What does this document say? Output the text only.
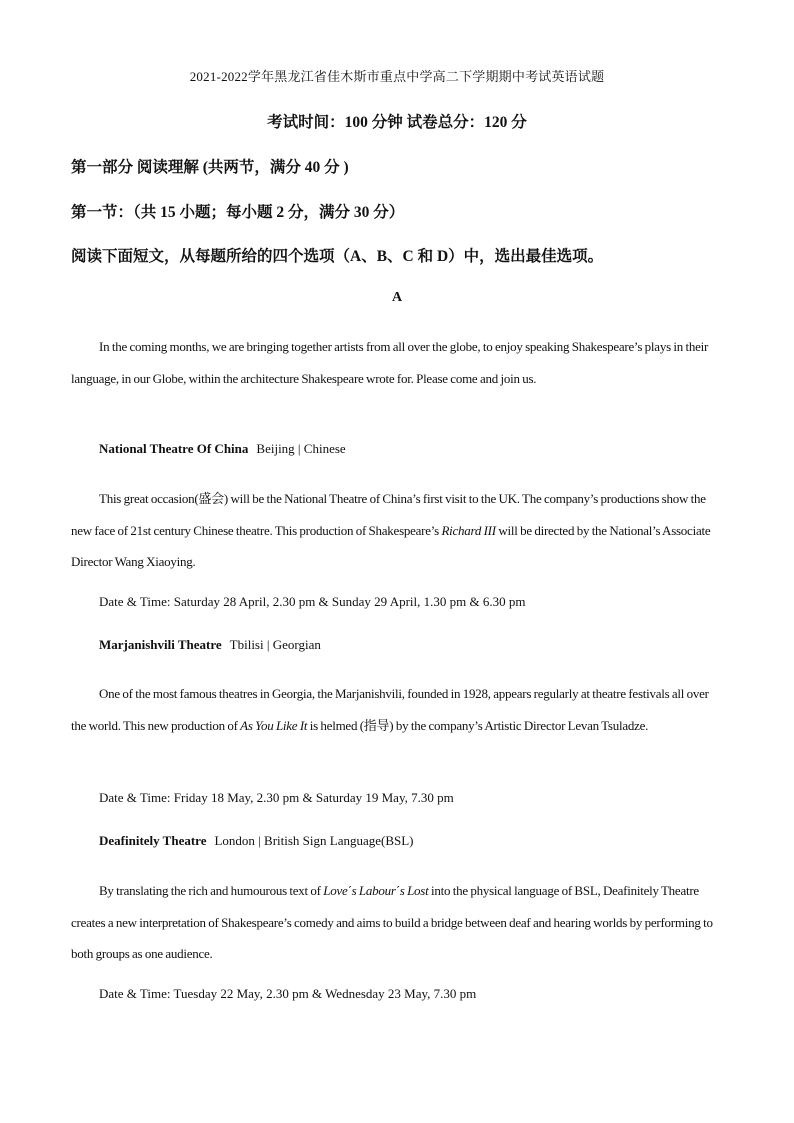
2021-2022学年黑龙江省佳木斯市重点中学高二下学期期中考试英语试题
考试时间：100 分钟 试卷总分：120 分
第一部分 阅读理解 (共两节，满分 40 分 )
第一节：（共 15 小题；每小题 2 分，满分 30 分）
阅读下面短文，从每题所给的四个选项（A、B、C 和 D）中，选出最佳选项。
A

In the coming months, we are bringing together artists from all over the globe, to enjoy speaking Shakespeare’s plays in their language, in our Globe, within the architecture Shakespeare wrote for. Please come and join us.

National Theatre Of China Beijing | Chinese

This great occasion(盛会) will be the National Theatre of China’s first visit to the UK. The company’s productions show the new face of 21st century Chinese theatre. This production of Shakespeare’s Richard III will be directed by the National’s Associate Director Wang Xiaoying.

Date & Time: Saturday 28 April, 2.30 pm & Sunday 29 April, 1.30 pm & 6.30 pm
Marjanishvili Theatre Tbilisi | Georgian

One of the most famous theatres in Georgia, the Marjanishvili, founded in 1928, appears regularly at theatre festivals all over the world. This new production of As You Like It is helmed (指导) by the company’s Artistic Director Levan Tsuladze.

Date & Time: Friday 18 May, 2.30 pm & Saturday 19 May, 7.30 pm
Deafinitely Theatre London | British Sign Language(BSL)

By translating the rich and humourous text of Love΄s Labour΄s Lost into the physical language of BSL, Deafinitely Theatre creates a new interpretation of Shakespeare’s comedy and aims to build a bridge between deaf and hearing worlds by performing to both groups as one audience.

Date & Time: Tuesday 22 May, 2.30 pm & Wednesday 23 May, 7.30 pm
